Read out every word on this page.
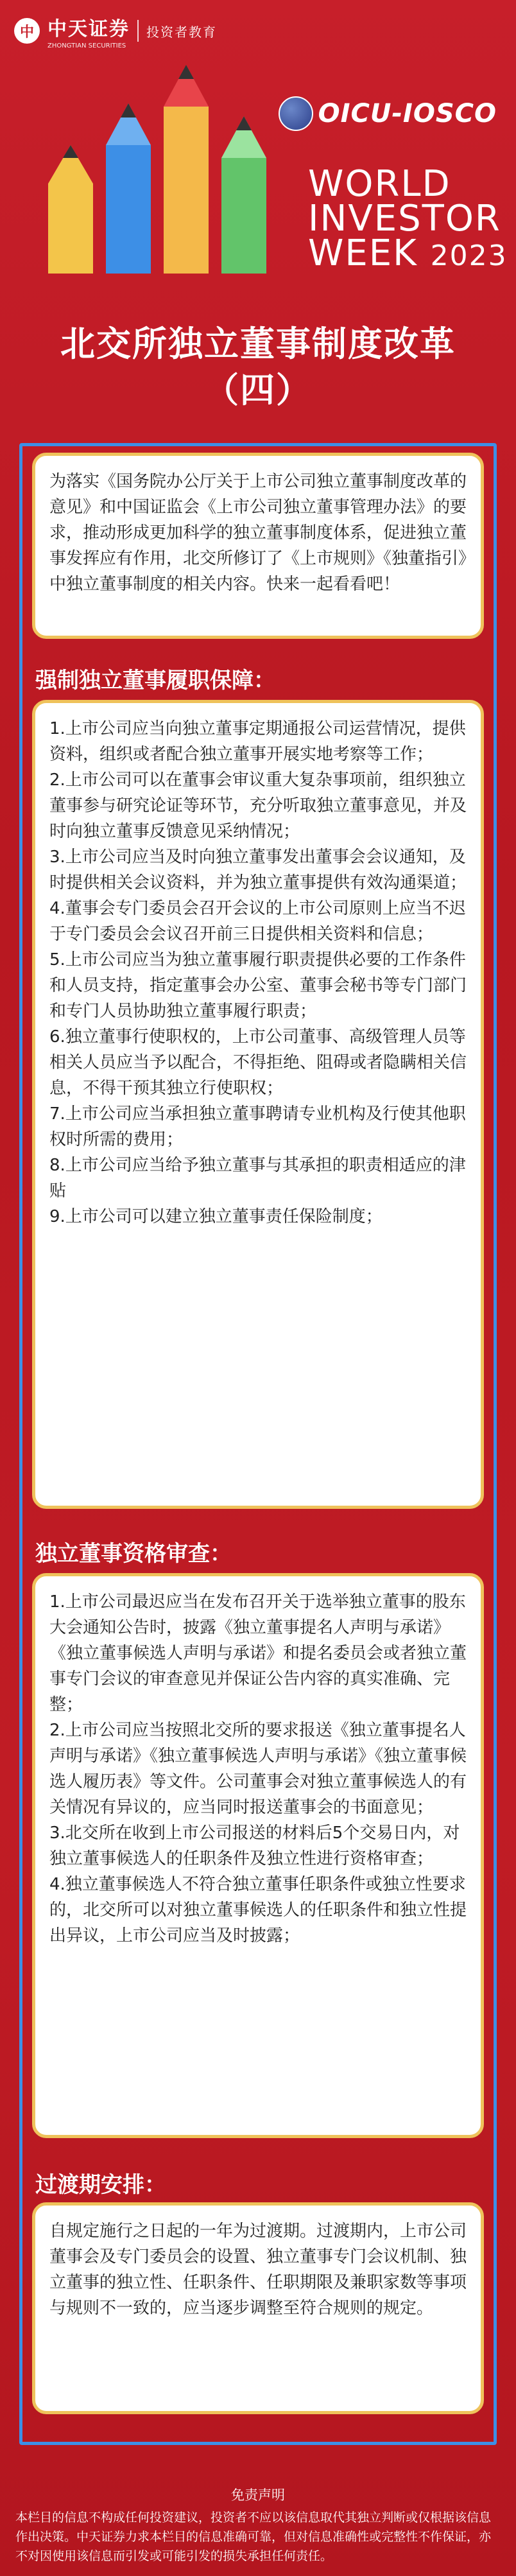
中 中天证券
ZHONGTIAN SECURITIES
投资者教育
OICU-IOSCO
WORLD
INVESTOR
WEEK 2023
北交所独立董事制度改革
（四）

为落实《国务院办公厅关于上市公司独立董事制度改革的意见》和中国证监会《上市公司独立董事管理办法》的要求，推动形成更加科学的独立董事制度体系，促进独立董事发挥应有作用，北交所修订了《上市规则》《独董指引》中独立董事制度的相关内容。快来一起看看吧！

强制独立董事履职保障：

1.上市公司应当向独立董事定期通报公司运营情况，提供资料，组织或者配合独立董事开展实地考察等工作；

2.上市公司可以在董事会审议重大复杂事项前，组织独立董事参与研究论证等环节，充分听取独立董事意见，并及时向独立董事反馈意见采纳情况；

3.上市公司应当及时向独立董事发出董事会会议通知，及时提供相关会议资料，并为独立董事提供有效沟通渠道；

4.董事会专门委员会召开会议的上市公司原则上应当不迟于专门委员会会议召开前三日提供相关资料和信息；

5.上市公司应当为独立董事履行职责提供必要的工作条件和人员支持，指定董事会办公室、董事会秘书等专门部门和专门人员协助独立董事履行职责；

6.独立董事行使职权的，上市公司董事、高级管理人员等相关人员应当予以配合，不得拒绝、阻碍或者隐瞒相关信息，不得干预其独立行使职权；

7.上市公司应当承担独立董事聘请专业机构及行使其他职权时所需的费用；

8.上市公司应当给予独立董事与其承担的职责相适应的津贴

9.上市公司可以建立独立董事责任保险制度；

独立董事资格审查：

1.上市公司最迟应当在发布召开关于选举独立董事的股东大会通知公告时，披露《独立董事提名人声明与承诺》《独立董事候选人声明与承诺》和提名委员会或者独立董事专门会议的审查意见并保证公告内容的真实准确、完整；

2.上市公司应当按照北交所的要求报送《独立董事提名人声明与承诺》《独立董事候选人声明与承诺》《独立董事候选人履历表》等文件。公司董事会对独立董事候选人的有关情况有异议的，应当同时报送董事会的书面意见；

3.北交所在收到上市公司报送的材料后5个交易日内，对独立董事候选人的任职条件及独立性进行资格审查；

4.独立董事候选人不符合独立董事任职条件或独立性要求的，北交所可以对独立董事候选人的任职条件和独立性提出异议，上市公司应当及时披露；

过渡期安排：

自规定施行之日起的一年为过渡期。过渡期内，上市公司董事会及专门委员会的设置、独立董事专门会议机制、独立董事的独立性、任职条件、任职期限及兼职家数等事项与规则不一致的，应当逐步调整至符合规则的规定。

免责声明
本栏目的信息不构成任何投资建议，投资者不应以该信息取代其独立判断或仅根据该信息作出决策。中天证券力求本栏目的信息准确可靠，但对信息准确性或完整性不作保证，亦不对因使用该信息而引发或可能引发的损失承担任何责任。
